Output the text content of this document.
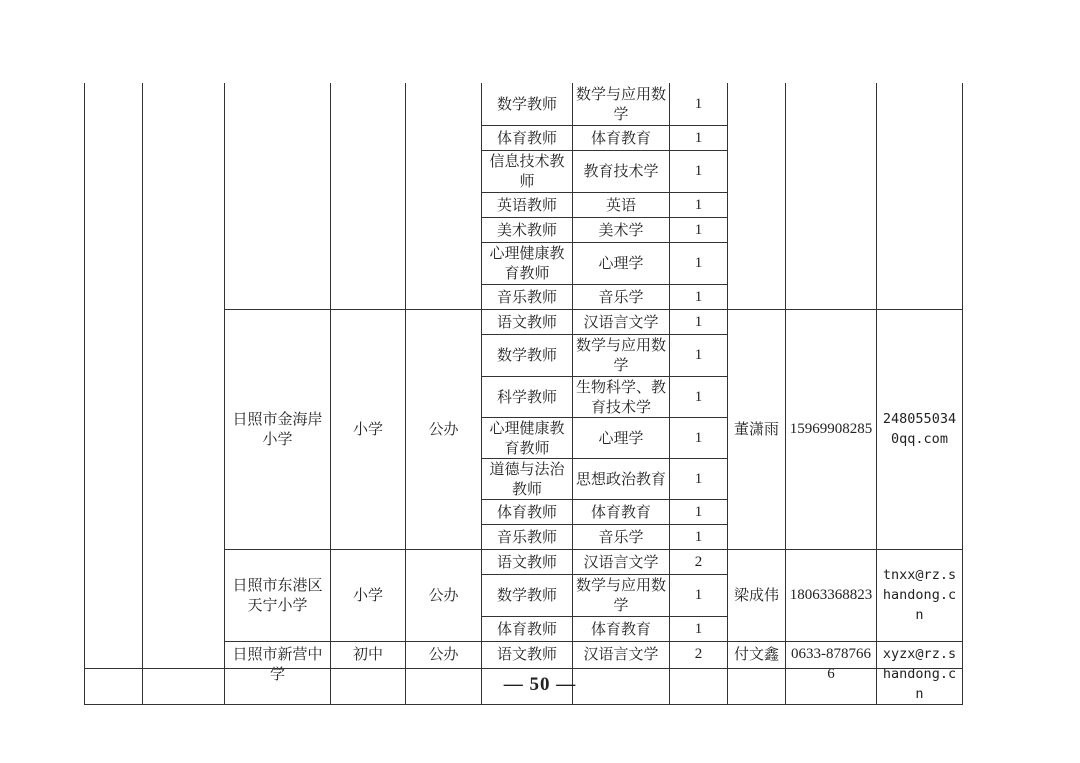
					数学教师	数学与应用数学	1			
					体育教师	体育教育	1			
					信息技术教师	教育技术学	1			
					英语教师	英语	1			
					美术教师	美术学	1			
					心理健康教育教师	心理学	1			
					音乐教师	音乐学	1			
		日照市金海岸小学	小学	公办	语文教师	汉语言文学	1	董潇雨	15969908285	2480550340qq.com
					数学教师	数学与应用数学	1			
					科学教师	生物科学、教育技术学	1			
					心理健康教育教师	心理学	1			
					道德与法治教师	思想政治教育	1			
					体育教师	体育教育	1			
					音乐教师	音乐学	1			
		日照市东港区天宁小学	小学	公办	语文教师	汉语言文学	2	梁成伟	18063368823	tnxx@rz.shandong.cn
					数学教师	数学与应用数学	1			
					体育教师	体育教育	1			
		日照市新营中学	初中	公办	语文教师	汉语言文学	2	付文鑫	0633-8787666	xyzx@rz.shandong.cn
— 50 —
